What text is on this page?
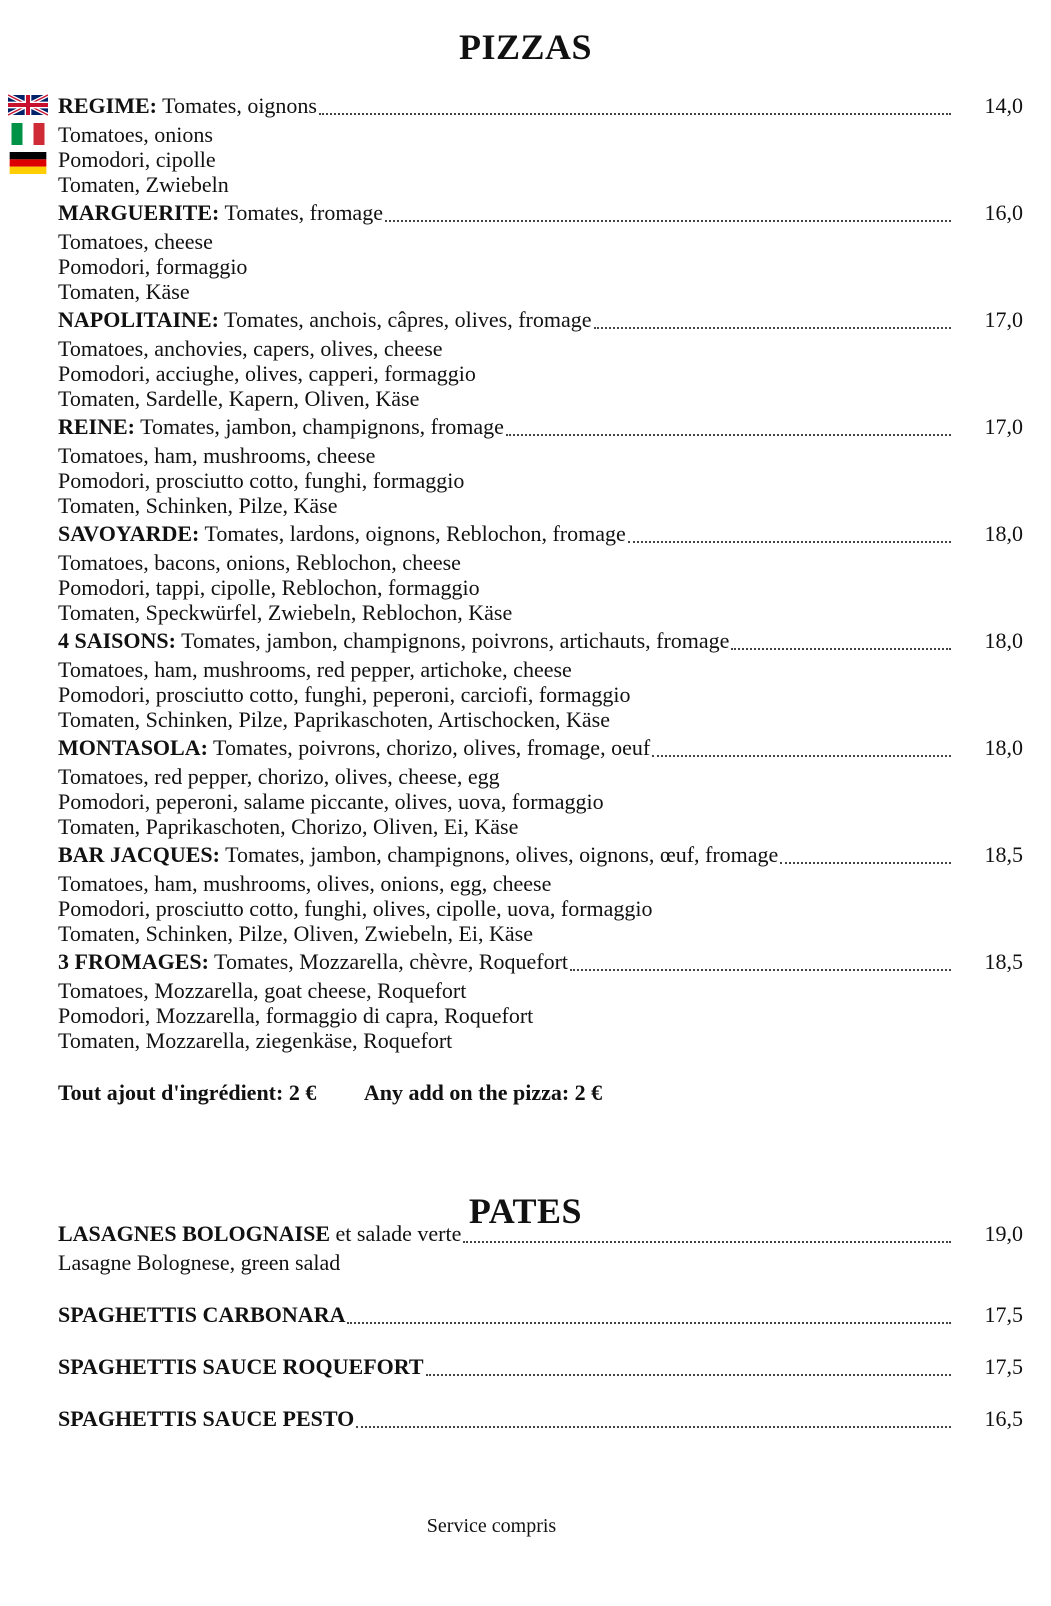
PIZZAS
REGIME: Tomates, oignons	14,0
Tomatoes, onions
Pomodori, cipolle
Tomaten, Zwiebeln
MARGUERITE: Tomates, fromage	16,0
Tomatoes, cheese
Pomodori, formaggio
Tomaten, Käse
NAPOLITAINE: Tomates, anchois, câpres, olives, fromage	17,0
Tomatoes, anchovies, capers, olives, cheese
Pomodori, acciughe, olives, capperi, formaggio
Tomaten, Sardelle, Kapern, Oliven, Käse
REINE: Tomates, jambon, champignons, fromage	17,0
Tomatoes, ham, mushrooms, cheese
Pomodori, prosciutto cotto, funghi, formaggio
Tomaten, Schinken, Pilze, Käse
SAVOYARDE: Tomates, lardons, oignons, Reblochon, fromage	18,0
Tomatoes, bacons, onions, Reblochon, cheese
Pomodori, tappi, cipolle, Reblochon, formaggio
Tomaten, Speckwürfel, Zwiebeln, Reblochon, Käse
4 SAISONS: Tomates, jambon, champignons, poivrons, artichauts, fromage	18,0
Tomatoes, ham, mushrooms, red pepper, artichoke, cheese
Pomodori, prosciutto cotto, funghi, peperoni, carciofi, formaggio
Tomaten, Schinken, Pilze, Paprikaschoten, Artischocken, Käse
MONTASOLA: Tomates, poivrons, chorizo, olives, fromage, oeuf	18,0
Tomatoes, red pepper, chorizo, olives, cheese, egg
Pomodori, peperoni, salame piccante, olives, uova, formaggio
Tomaten, Paprikaschoten, Chorizo, Oliven, Ei, Käse
BAR JACQUES: Tomates, jambon, champignons, olives, oignons, œuf, fromage	18,5
Tomatoes, ham, mushrooms, olives, onions, egg, cheese
Pomodori, prosciutto cotto, funghi, olives, cipolle, uova, formaggio
Tomaten, Schinken, Pilze, Oliven, Zwiebeln, Ei, Käse
3 FROMAGES: Tomates, Mozzarella, chèvre, Roquefort	18,5
Tomatoes, Mozzarella, goat cheese, Roquefort
Pomodori, Mozzarella, formaggio di capra, Roquefort
Tomaten, Mozzarella, ziegenkäse, Roquefort
Tout ajout d'ingrédient: 2 € Any add on the pizza: 2 €
PATES
LASAGNES BOLOGNAISE et salade verte	19,0
Lasagne Bolognese, green salad
SPAGHETTIS CARBONARA	17,5
SPAGHETTIS SAUCE ROQUEFORT	17,5
SPAGHETTIS SAUCE PESTO	16,5
Service compris
